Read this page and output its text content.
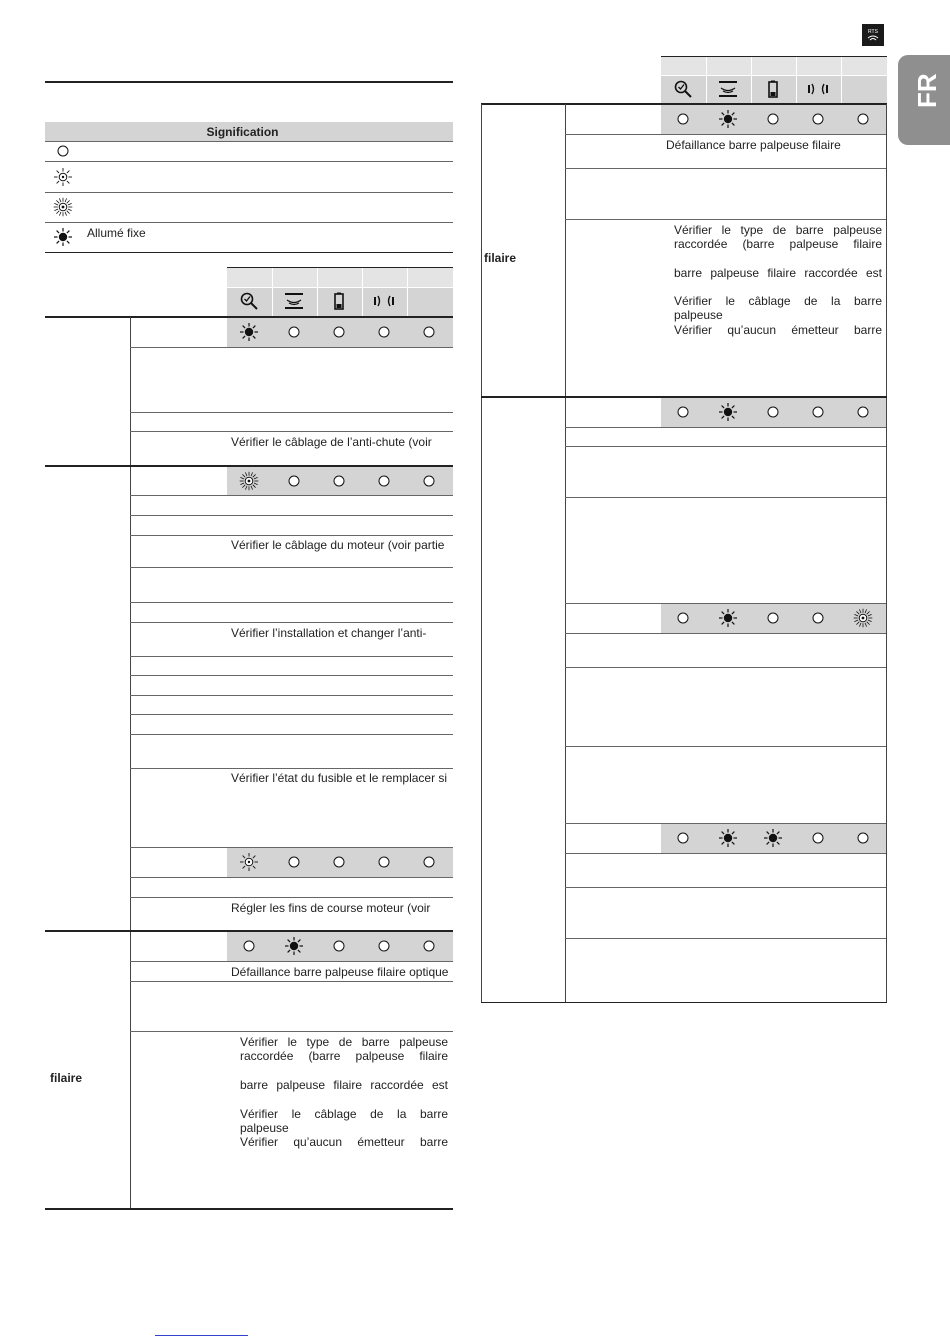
RTS
FR
Signification
Allumé fixe
Vérifier le câblage de l’anti-chute (voir
Vérifier le câblage du moteur (voir partie
Vérifier l’installation et changer l’anti-
Vérifier l’état du fusible et le remplacer si
Régler les fins de course moteur (voir
Défaillance barre palpeuse filaire optique
Vérifier le type de barre palpeuse
raccordée (barre palpeuse filaire
barre palpeuse filaire raccordée est
Vérifier le câblage de la barre palpeuse
Vérifier qu’aucun émetteur barre
filaire
Défaillance barre palpeuse filaire
Vérifier le type de barre palpeuse
raccordée (barre palpeuse filaire
barre palpeuse filaire raccordée est
Vérifier le câblage de la barre palpeuse
Vérifier qu’aucun émetteur barre
filaire
